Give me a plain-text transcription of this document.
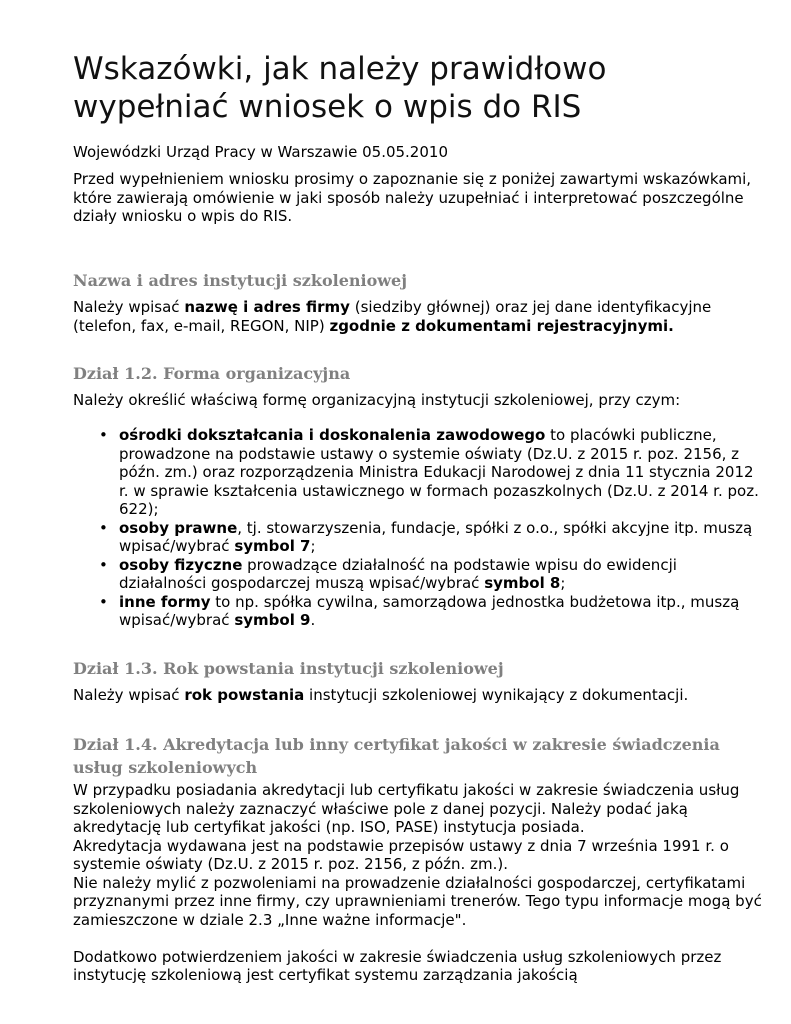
Wskazówki, jak należy prawidłowo wypełniać wniosek o wpis do RIS

Wojewódzki Urząd Pracy w Warszawie 05.05.2010

Przed wypełnieniem wniosku prosimy o zapoznanie się z poniżej zawartymi wskazówkami, które zawierają omówienie w jaki sposób należy uzupełniać i interpretować poszczególne działy wniosku o wpis do RIS.

Nazwa i adres instytucji szkoleniowej

Należy wpisać nazwę i adres firmy (siedziby głównej) oraz jej dane identyfikacyjne (telefon, fax, e-mail, REGON, NIP) zgodnie z dokumentami rejestracyjnymi.

Dział 1.2. Forma organizacyjna

Należy określić właściwą formę organizacyjną instytucji szkoleniowej, przy czym:

• ośrodki dokształcania i doskonalenia zawodowego to placówki publiczne, prowadzone na podstawie ustawy o systemie oświaty (Dz.U. z 2015 r. poz. 2156, z późn. zm.) oraz rozporządzenia Ministra Edukacji Narodowej z dnia 11 stycznia 2012 r. w sprawie kształcenia ustawicznego w formach pozaszkolnych (Dz.U. z 2014 r. poz. 622);
• osoby prawne, tj. stowarzyszenia, fundacje, spółki z o.o., spółki akcyjne itp. muszą wpisać/wybrać symbol 7;
• osoby fizyczne prowadzące działalność na podstawie wpisu do ewidencji działalności gospodarczej muszą wpisać/wybrać symbol 8;
• inne formy to np. spółka cywilna, samorządowa jednostka budżetowa itp., muszą wpisać/wybrać symbol 9.
Dział 1.3. Rok powstania instytucji szkoleniowej

Należy wpisać rok powstania instytucji szkoleniowej wynikający z dokumentacji.

Dział 1.4. Akredytacja lub inny certyfikat jakości w zakresie świadczenia usług szkoleniowych

W przypadku posiadania akredytacji lub certyfikatu jakości w zakresie świadczenia usług szkoleniowych należy zaznaczyć właściwe pole z danej pozycji. Należy podać jaką akredytację lub certyfikat jakości (np. ISO, PASE) instytucja posiada.

Akredytacja wydawana jest na podstawie przepisów ustawy z dnia 7 września 1991 r. o systemie oświaty (Dz.U. z 2015 r. poz. 2156, z późn. zm.).

Nie należy mylić z pozwoleniami na prowadzenie działalności gospodarczej, certyfikatami przyznanymi przez inne firmy, czy uprawnieniami trenerów. Tego typu informacje mogą być zamieszczone w dziale 2.3 „Inne ważne informacje".

Dodatkowo potwierdzeniem jakości w zakresie świadczenia usług szkoleniowych przez instytucję szkoleniową jest certyfikat systemu zarządzania jakością
